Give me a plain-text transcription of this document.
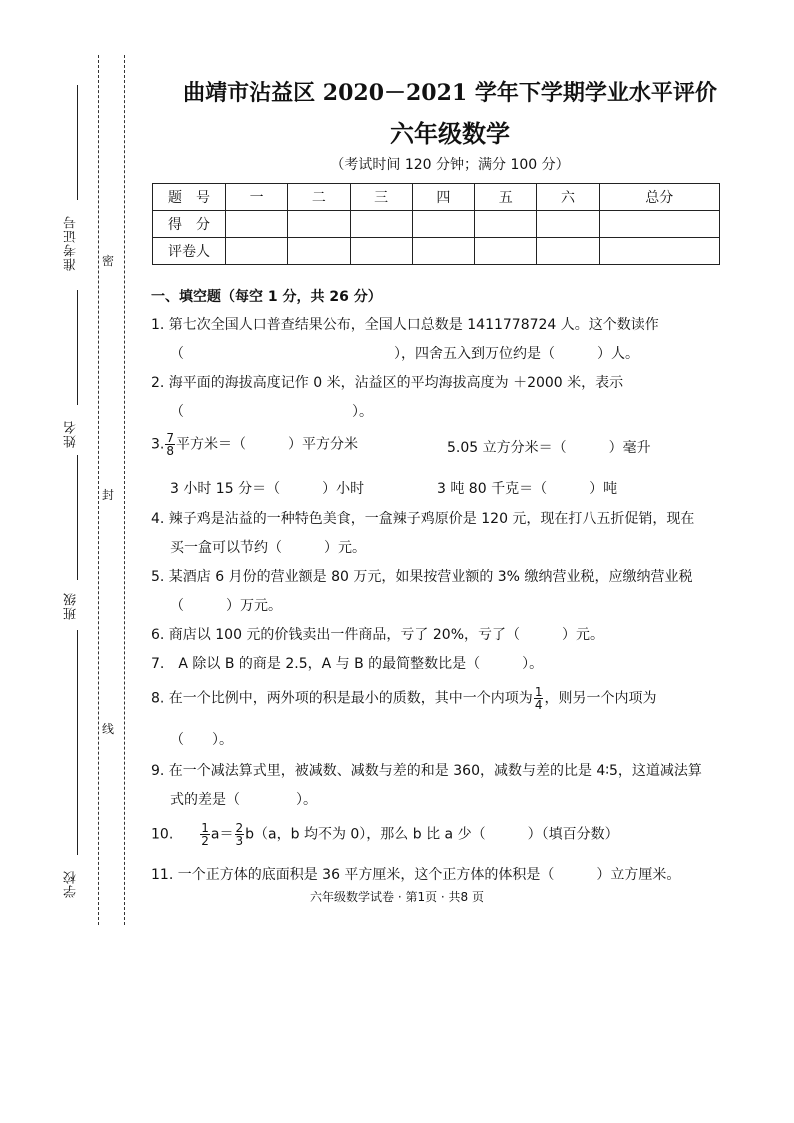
准考证号
姓名
班级
学校
密
封
线
曲靖市沾益区 2020－2021 学年下学期学业水平评价
六年级数学
（考试时间 120 分钟；满分 100 分）
题　号	一	二	三	四	五	六	总分
得　分							
评卷人							
一、填空题（每空 1 分，共 26 分）
1. 第七次全国人口普查结果公布，全国人口总数是 1411778724 人。这个数读作
（　　　　　　　　　　　　　　　），四舍五入到万位约是（　　　）人。
2. 海平面的海拔高度记作 0 米，沾益区的平均海拔高度为 ＋2000 米，表示
（　　　　　　　　　　　　）。
3. $\frac{7}{8}$ 平方米＝（　　　）平方分米	5.05 立方分米＝（　　　）毫升
3 小时 15 分＝（　　　）小时	3 吨 80 千克＝（　　　）吨
4. 辣子鸡是沾益的一种特色美食，一盒辣子鸡原价是 120 元，现在打八五折促销，现在
买一盒可以节约（　　　）元。
5. 某酒店 6 月份的营业额是 80 万元，如果按营业额的 3% 缴纳营业税，应缴纳营业税
（　　　）万元。
6. 商店以 100 元的价钱卖出一件商品，亏了 20%，亏了（　　　）元。
7.　A 除以 B 的商是 2.5，A 与 B 的最简整数比是（　　　）。
8. 在一个比例中，两外项的积是最小的质数，其中一个内项为 $\frac{1}{4}$ ，则另一个内项为
（　　）。
9. 在一个减法算式里，被减数、减数与差的和是 360，减数与差的比是 4∶5，这道减法算
式的差是（　　　　）。
10. $\frac{1}{2} a= \frac{2}{3} b(a$，b 均不为 0），那么 b 比 a 少（　　　）（填百分数）
11. 一个正方体的底面积是 36 平方厘米，这个正方体的体积是（　　　）立方厘米。
六年级数学试卷 · 第1页 · 共8 页
